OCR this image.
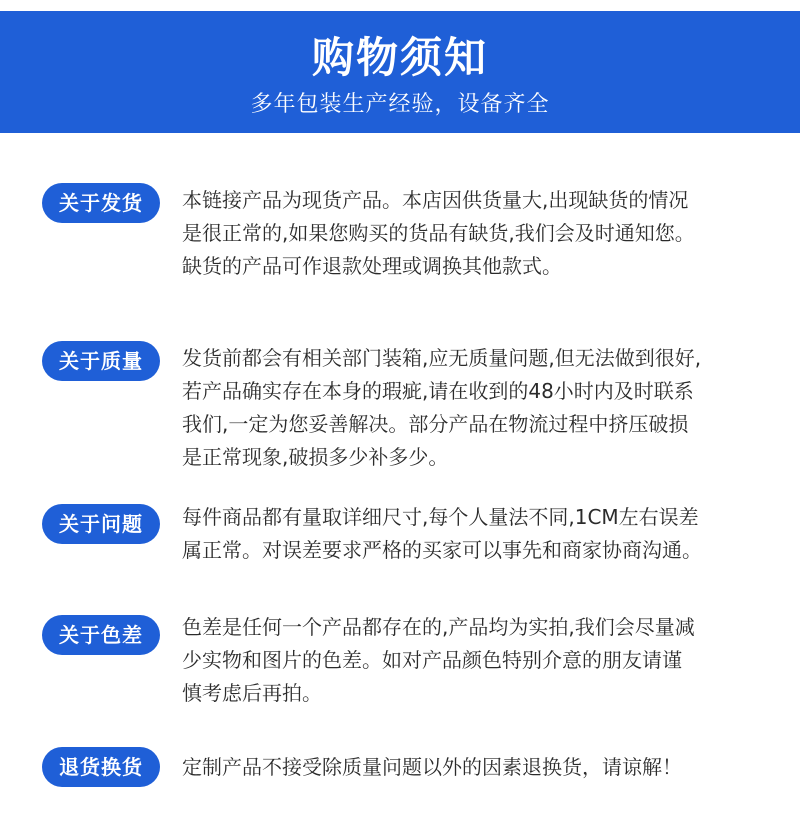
购物须知
多年包装生产经验，设备齐全
关于发货	本链接产品为现货产品。本店因供货量大,出现缺货的情况
是很正常的,如果您购买的货品有缺货,我们会及时通知您。
缺货的产品可作退款处理或调换其他款式。
关于质量	发货前都会有相关部门装箱,应无质量问题,但无法做到很好,
若产品确实存在本身的瑕疵,请在收到的48小时内及时联系
我们,一定为您妥善解决。部分产品在物流过程中挤压破损
是正常现象,破损多少补多少。
关于问题	每件商品都有量取详细尺寸,每个人量法不同,1CM左右误差
属正常。对误差要求严格的买家可以事先和商家协商沟通。
关于色差	色差是任何一个产品都存在的,产品均为实拍,我们会尽量减
少实物和图片的色差。如对产品颜色特别介意的朋友请谨
慎考虑后再拍。
退货换货	定制产品不接受除质量问题以外的因素退换货，请谅解！
